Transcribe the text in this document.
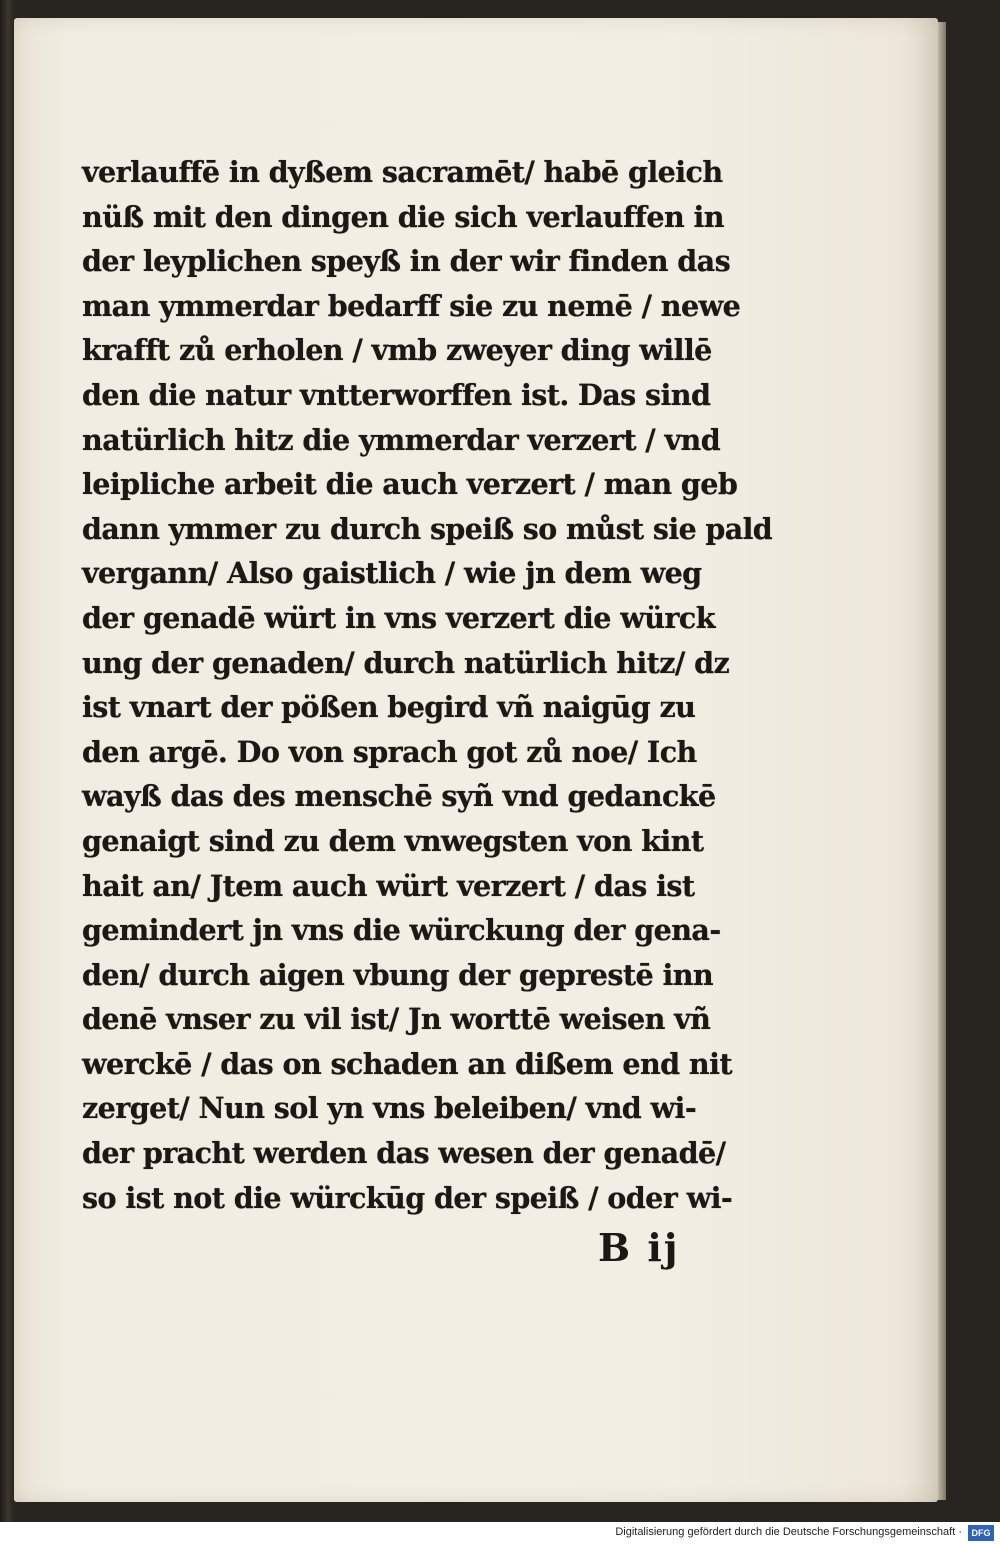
verlauffē in dyßem sacramēt/ habē gleich
nüß mit den dingen die sich verlauffen in
der leyplichen speyß in der wir finden das
man ymmerdar bedarff sie zu nemē / newe
krafft zů erholen / vmb zweyer ding willē
den die natur vntterworffen ist. Das sind
natürlich hitz die ymmerdar verzert / vnd
leipliche arbeit die auch verzert / man geb
dann ymmer zu durch speiß so můst sie pald
vergann/ Also gaistlich / wie jn dem weg
der genadē würt in vns verzert die würck
ung der genaden/ durch natürlich hitz/ dz
ist vnart der pößen begird vñ naigūg zu
den argē. Do von sprach got zů noe/ Ich
wayß das des menschē syñ vnd gedanckē
genaigt sind zu dem vnwegsten von kint
hait an/ Jtem auch würt verzert / das ist
gemindert jn vns die würckung der gena-
den/ durch aigen vbung der geprestē inn
denē vnser zu vil ist/ Jn worttē weisen vñ
werckē / das on schaden an dißem end nit
zerget/ Nun sol yn vns beleiben/ vnd wi-
der pracht werden das wesen der genadē/
so ist not die würckūg der speiß / oder wi-
B ij
Digitalisierung gefördert durch die Deutsche Forschungsgemeinschaft ·	DFG
